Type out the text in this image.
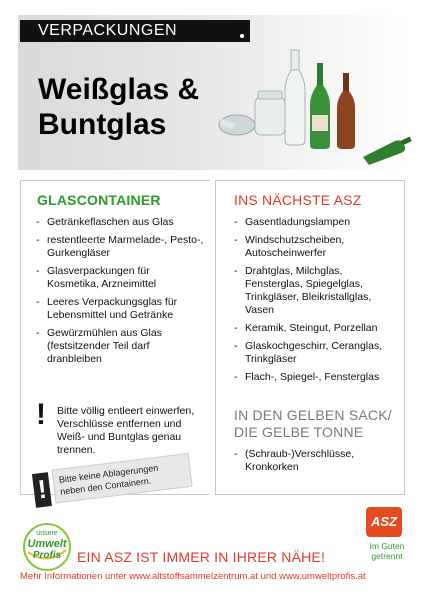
VERPACKUNGEN
Weißglas &
Buntglas
GLASCONTAINER
- Getränkeflaschen aus Glas
- restentleerte Marmelade-, Pesto-, Gurkengläser
- Glasverpackungen für Kosmetika, Arzneimittel
- Leeres Verpackungsglas für Lebensmittel und Getränke
- Gewürzmühlen aus Glas (festsitzender Teil darf dranbleiben
! Bitte völlig entleert einwerfen, Verschlüsse entfernen und Weiß- und Buntglas genau trennen.
!	Bitte keine Ablagerungen neben den Containern.
INS NÄCHSTE ASZ
- Gasentladungslampen
- Windschutzscheiben, Autoscheinwerfer
- Drahtglas, Milchglas, Fensterglas, Spiegelglas, Trinkgläser, Bleikristallglas, Vasen
- Keramik, Steingut, Porzellan
- Glaskochgeschirr, Ceranglas, Trinkgläser
- Flach-, Spiegel-, Fensterglas
IN DEN GELBEN SACK/
DIE GELBE TONNE
- (Schraub-)Verschlüsse, Kronkorken
unsere
Umwelt
Profis EIN ASZ IST IMMER IN IHRER NÄHE!
ASZ
Im Guten getrennt
Mehr Informationen unter www.altstoffsammelzentrum.at und www.umweltprofis.at
